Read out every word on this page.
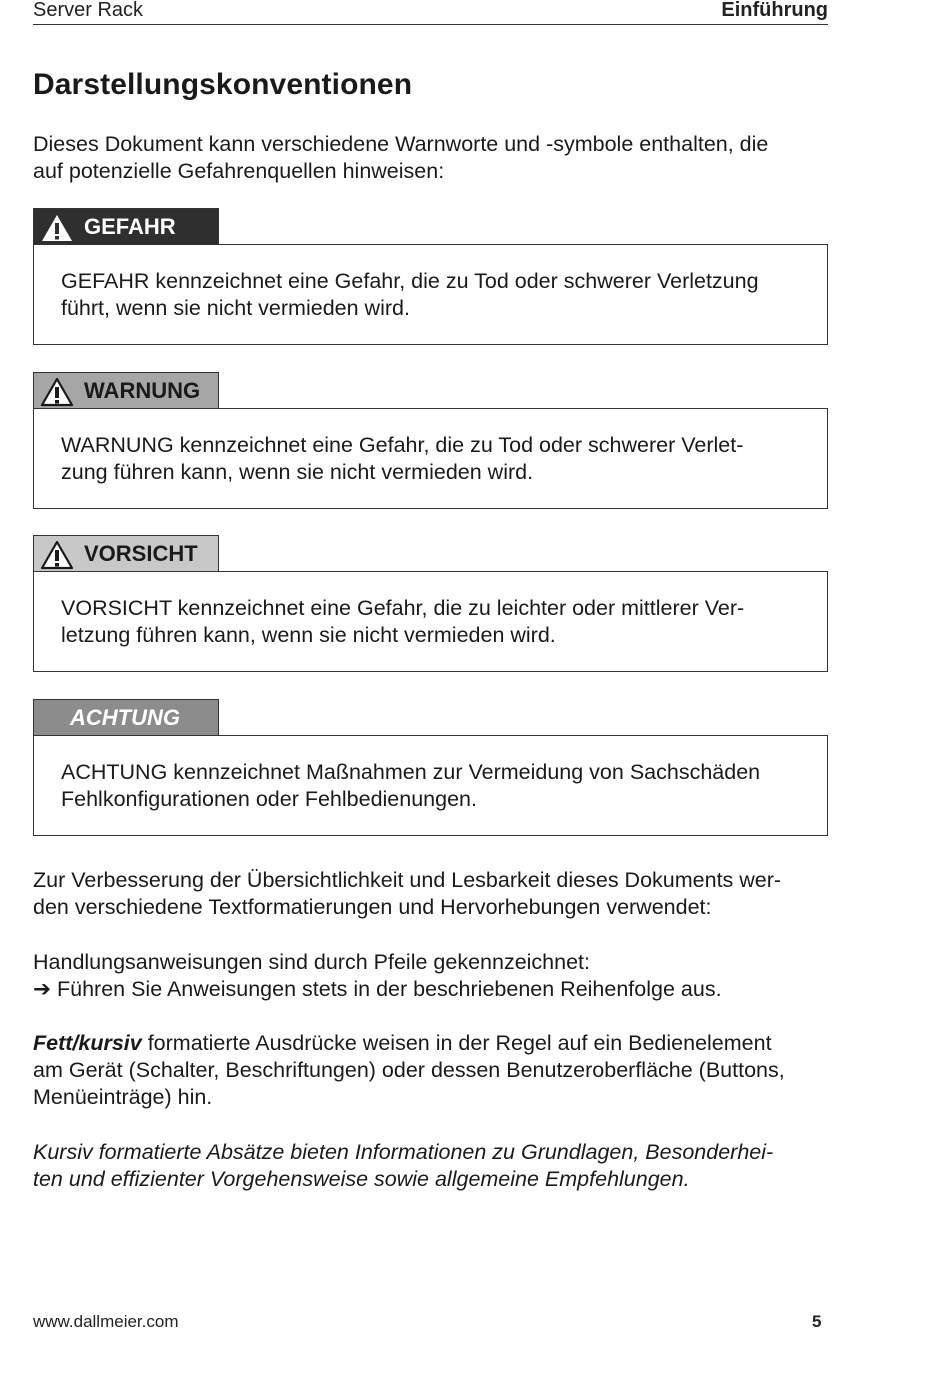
Server Rack	Einführung
Darstellungskonventionen

Dieses Dokument kann verschiedene Warnworte und -symbole enthalten, die
auf potenzielle Gefahrenquellen hinweisen:

GEFAHR

GEFAHR kennzeichnet eine Gefahr, die zu Tod oder schwerer Verletzung
führt, wenn sie nicht vermieden wird.

WARNUNG

WARNUNG kennzeichnet eine Gefahr, die zu Tod oder schwerer Verlet-
zung führen kann, wenn sie nicht vermieden wird.

VORSICHT

VORSICHT kennzeichnet eine Gefahr, die zu leichter oder mittlerer Ver-
letzung führen kann, wenn sie nicht vermieden wird.

ACHTUNG

ACHTUNG kennzeichnet Maßnahmen zur Vermeidung von Sachschäden
Fehlkonfigurationen oder Fehlbedienungen.

Zur Verbesserung der Übersichtlichkeit und Lesbarkeit dieses Dokuments wer-
den verschiedene Textformatierungen und Hervorhebungen verwendet:

Handlungsanweisungen sind durch Pfeile gekennzeichnet:
➔ Führen Sie Anweisungen stets in der beschriebenen Reihenfolge aus.

Fett/kursiv formatierte Ausdrücke weisen in der Regel auf ein Bedienelement
am Gerät (Schalter, Beschriftungen) oder dessen Benutzeroberfläche (Buttons,
Menüeinträge) hin.

Kursiv formatierte Absätze bieten Informationen zu Grundlagen, Besonderhei-
ten und effizienter Vorgehensweise sowie allgemeine Empfehlungen.

www.dallmeier.com	5
